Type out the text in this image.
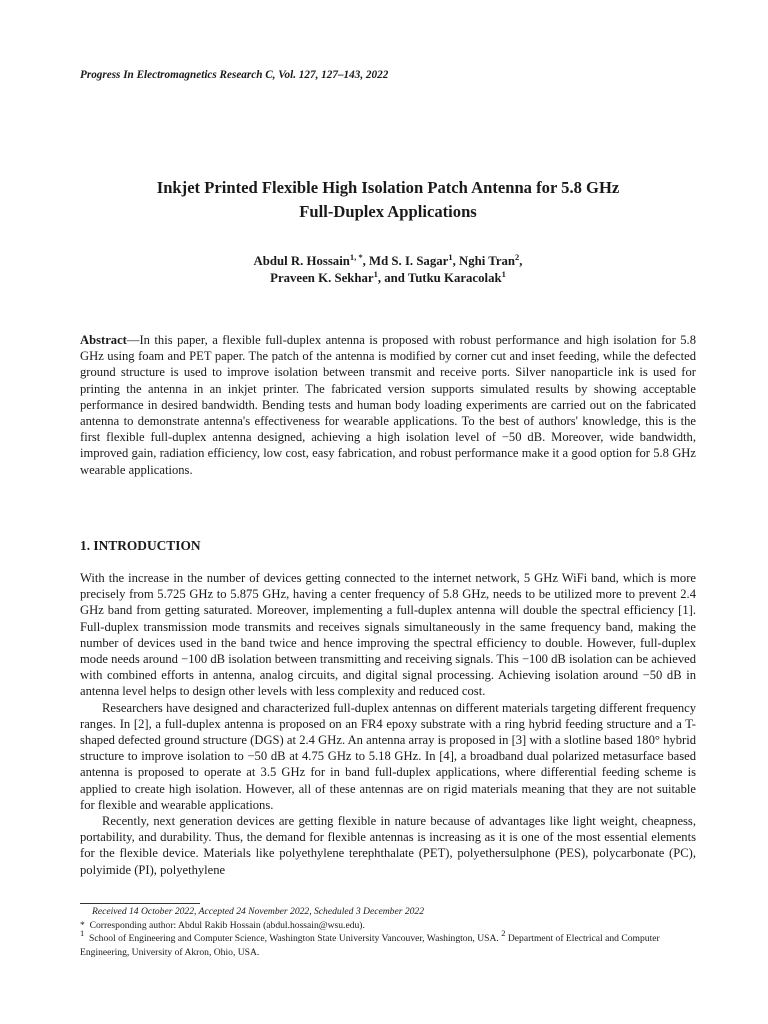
Progress In Electromagnetics Research C, Vol. 127, 127–143, 2022
Inkjet Printed Flexible High Isolation Patch Antenna for 5.8 GHz
Full-Duplex Applications
Abdul R. Hossain$^{1, *}$, Md S. I. Sagar$^1$, Nghi Tran$^2$,
Praveen K. Sekhar$^1$, and Tutku Karacolak$^1$
Abstract—In this paper, a flexible full-duplex antenna is proposed with robust performance and high isolation for 5.8 GHz using foam and PET paper. The patch of the antenna is modified by corner cut and inset feeding, while the defected ground structure is used to improve isolation between transmit and receive ports. Silver nanoparticle ink is used for printing the antenna in an inkjet printer. The fabricated version supports simulated results by showing acceptable performance in desired bandwidth. Bending tests and human body loading experiments are carried out on the fabricated antenna to demonstrate antenna's effectiveness for wearable applications. To the best of authors' knowledge, this is the first flexible full-duplex antenna designed, achieving a high isolation level of −50 dB. Moreover, wide bandwidth, improved gain, radiation efficiency, low cost, easy fabrication, and robust performance make it a good option for 5.8 GHz wearable applications.
1. INTRODUCTION

With the increase in the number of devices getting connected to the internet network, 5 GHz WiFi band, which is more precisely from 5.725 GHz to 5.875 GHz, having a center frequency of 5.8 GHz, needs to be utilized more to prevent 2.4 GHz band from getting saturated. Moreover, implementing a full-duplex antenna will double the spectral efficiency [1]. Full-duplex transmission mode transmits and receives signals simultaneously in the same frequency band, making the number of devices used in the band twice and hence improving the spectral efficiency to double. However, full-duplex mode needs around −100 dB isolation between transmitting and receiving signals. This −100 dB isolation can be achieved with combined efforts in antenna, analog circuits, and digital signal processing. Achieving isolation around −50 dB in antenna level helps to design other levels with less complexity and reduced cost.

Researchers have designed and characterized full-duplex antennas on different materials targeting different frequency ranges. In [2], a full-duplex antenna is proposed on an FR4 epoxy substrate with a ring hybrid feeding structure and a T-shaped defected ground structure (DGS) at 2.4 GHz. An antenna array is proposed in [3] with a slotline based 180° hybrid structure to improve isolation to −50 dB at 4.75 GHz to 5.18 GHz. In [4], a broadband dual polarized metasurface based antenna is proposed to operate at 3.5 GHz for in band full-duplex applications, where differential feeding scheme is applied to create high isolation. However, all of these antennas are on rigid materials meaning that they are not suitable for flexible and wearable applications.

Recently, next generation devices are getting flexible in nature because of advantages like light weight, cheapness, portability, and durability. Thus, the demand for flexible antennas is increasing as it is one of the most essential elements for the flexible device. Materials like polyethylene terephthalate (PET), polyethersulphone (PES), polycarbonate (PC), polyimide (PI), polyethylene

Received 14 October 2022, Accepted 24 November 2022, Scheduled 3 December 2022
* Corresponding author: Abdul Rakib Hossain (abdul.hossain@wsu.edu).
$^1$ School of Engineering and Computer Science, Washington State University Vancouver, Washington, USA. $^2$ Department of Electrical and Computer Engineering, University of Akron, Ohio, USA.
